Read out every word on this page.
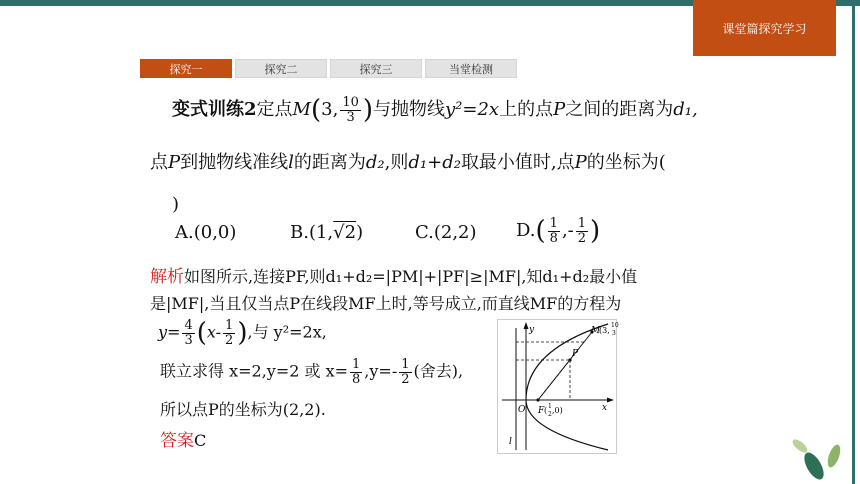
课堂篇探究学习
探究一	探究二	探究三	当堂检测
变式训练2定点M(3, $\frac{10}{3}$ )与抛物线y²=2x上的点P之间的距离为d₁,
点P到抛物线准线l的距离为d₂,则d₁+d₂取最小值时,点P的坐标为(
)
A.(0,0)	B.(1,√2)	C.(2,2) $D.( \frac{1}{8}$ ,- $\frac{1}{2}$ )
解析如图所示,连接PF,则d₁+d₂=|PM|+|PF|≥|MF|,知d₁+d₂最小值
是|MF|,当且仅当点P在线段MF上时,等号成立,而直线MF的方程为
$y= \frac{4}{3} (x- \frac{1}{2}$ ),与 y²=2x,
联立求得 x=2,y=2 或 $x= \frac{1}{8} ,y=- \frac{1}{2}$ (舍去),
所以点P的坐标为(2,2).
答案C
y
x
O
l
P
M
(3,
10
3
F ( 1
2 ,0)
